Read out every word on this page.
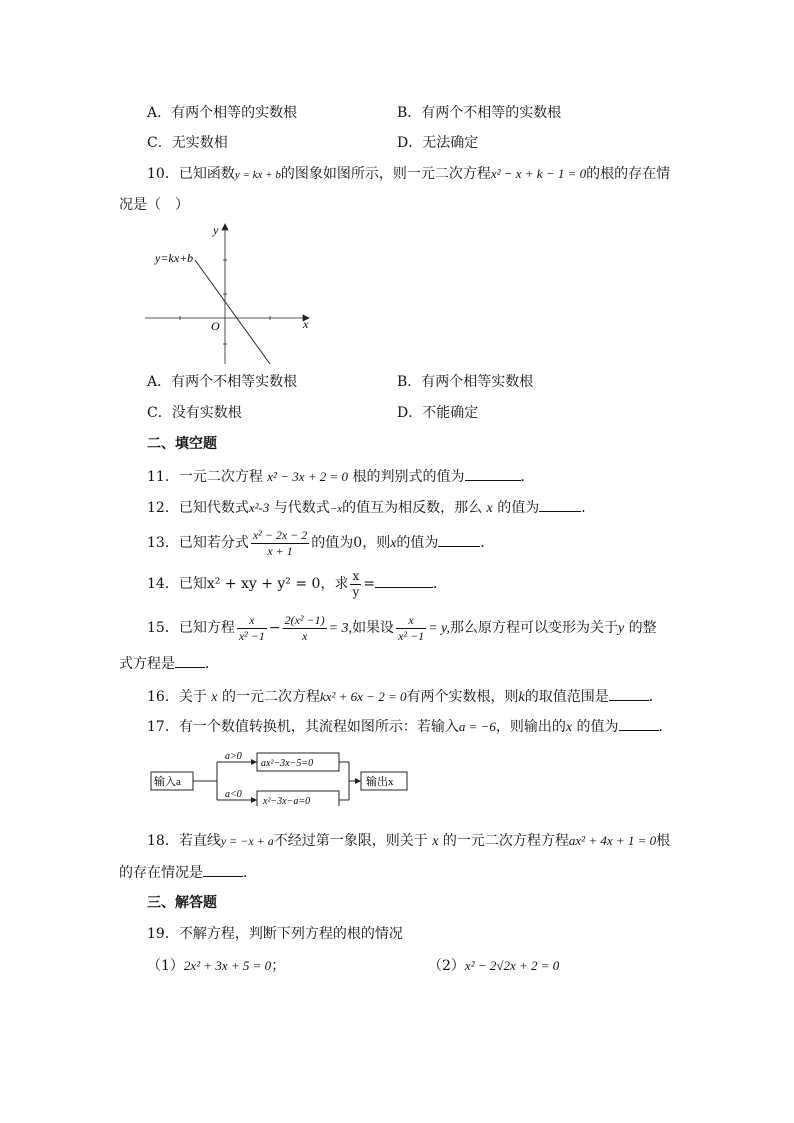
A．有两个相等的实数根	B．有两个不相等的实数根
C．无实数相	D．无法确定
10．已知函数y = kx + b的图象如图所示，则一元二次方程x² − x + k − 1 = 0的根的存在情
况是（　）
y=kx+b
x
y
O
A．有两个不相等实数根	B．有两个相等实数根
C．没有实数根	D．不能确定
二、填空题
11．一元二次方程 x² − 3x + 2 = 0 根的判别式的值为	．
12．已知代数式x²-3 与代数式−x的值互为相反数，那么 x 的值为	．
13．已知若分式 $\frac{\text{x² − 2x − 2}}{x + 1}$ 的值为0，则x的值为	．
14．已知x² + xy + y² = 0，求 $\frac{x}{y}$ =	．
15．已知方程 $\frac{x}{\text{x² −1}} - \frac{\text{2(x² −1)}}{x} = 3$,如果设 $\frac{x}{\text{x² −1}} = y$,那么原方程可以变形为关于y 的整
式方程是 ．
16．关于 x 的一元二次方程kx² + 6x − 2 = 0有两个实数根，则k的取值范围是	．
17．有一个数值转换机，其流程如图所示：若输入a = −6，则输出的x 的值为	.
输入a
a>0
a<0
ax²−3x−5=0
x²−3x−a=0
输出x
18．若直线y = −x + a不经过第一象限，则关于 x 的一元二次方程方程ax² + 4x + 1 = 0根
的存在情况是	．
三、解答题
19．不解方程，判断下列方程的根的情况
（1）2x² + 3x + 5 = 0；	（2）x² − 2√2x + 2 = 0
